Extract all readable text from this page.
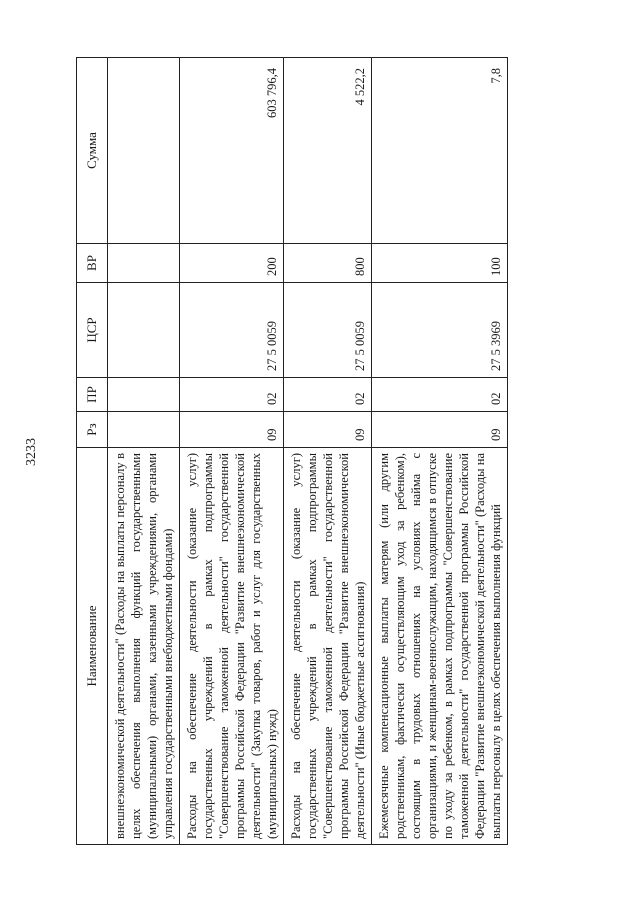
3233
Наименование	Рз	ПР	ЦСР	ВР	Сумма
внешнеэкономической деятельности" (Расходы на выплаты персоналу в целях обеспечения выполнения функций государственными (муниципальными) органами, казенными учреждениями, органами управления государственными внебюджетными фондами)					
Расходы на обеспечение деятельности (оказание услуг) государственных учреждений в рамках подпрограммы "Совершенствование таможенной деятельности" государственной программы Российской Федерации "Развитие внешнеэкономической деятельности" (Закупка товаров, работ и услуг для государственных (муниципальных) нужд)	09	02	27 5 0059	200	603 796,4
Расходы на обеспечение деятельности (оказание услуг) государственных учреждений в рамках подпрограммы "Совершенствование таможенной деятельности" государственной программы Российской Федерации "Развитие внешнеэкономической деятельности" (Иные бюджетные ассигнования)	09	02	27 5 0059	800	4 522,2
Ежемесячные компенсационные выплаты матерям (или другим родственникам, фактически осуществляющим уход за ребенком), состоящим в трудовых отношениях на условиях найма с организациями, и женщинам-военнослужащим, находящимся в отпуске по уходу за ребенком, в рамках подпрограммы "Совершенствование таможенной деятельности" государственной программы Российской Федерации "Развитие внешнеэкономической деятельности" (Расходы на выплаты персоналу в целях обеспечения выполнения функций	09	02	27 5 3969	100	7,8
